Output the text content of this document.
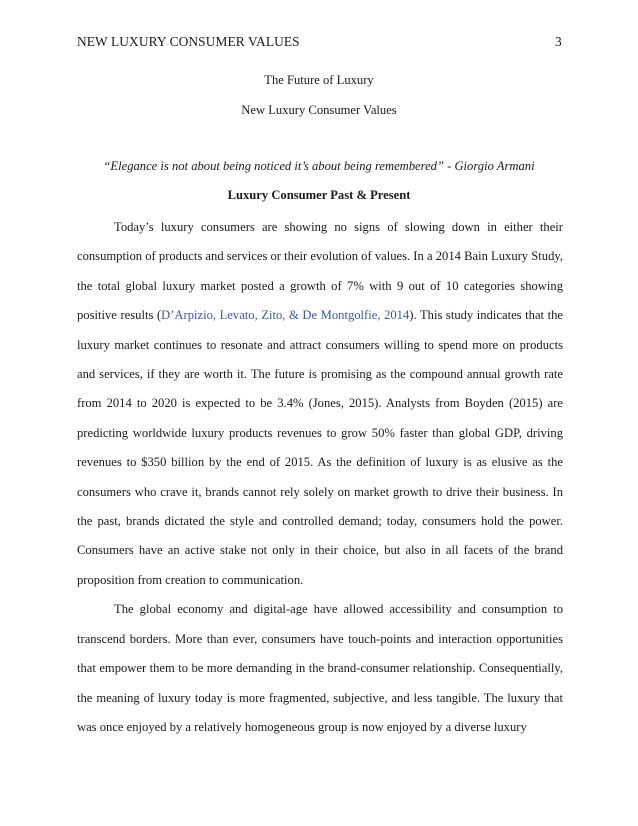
NEW LUXURY CONSUMER VALUES	3
The Future of Luxury
New Luxury Consumer Values
“Elegance is not about being noticed it’s about being remembered” - Giorgio Armani
Luxury Consumer Past & Present

Today’s luxury consumers are showing no signs of slowing down in either their consumption of products and services or their evolution of values. In a 2014 Bain Luxury Study, the total global luxury market posted a growth of 7% with 9 out of 10 categories showing positive results (D’Arpizio, Levato, Zito, & De Montgolfie, 2014). This study indicates that the luxury market continues to resonate and attract consumers willing to spend more on products and services, if they are worth it. The future is promising as the compound annual growth rate from 2014 to 2020 is expected to be 3.4% (Jones, 2015). Analysts from Boyden (2015) are predicting worldwide luxury products revenues to grow 50% faster than global GDP, driving revenues to $350 billion by the end of 2015. As the definition of luxury is as elusive as the consumers who crave it, brands cannot rely solely on market growth to drive their business. In the past, brands dictated the style and controlled demand; today, consumers hold the power. Consumers have an active stake not only in their choice, but also in all facets of the brand proposition from creation to communication.

The global economy and digital-age have allowed accessibility and consumption to transcend borders. More than ever, consumers have touch-points and interaction opportunities that empower them to be more demanding in the brand-consumer relationship. Consequentially, the meaning of luxury today is more fragmented, subjective, and less tangible. The luxury that was once enjoyed by a relatively homogeneous group is now enjoyed by a diverse luxury
